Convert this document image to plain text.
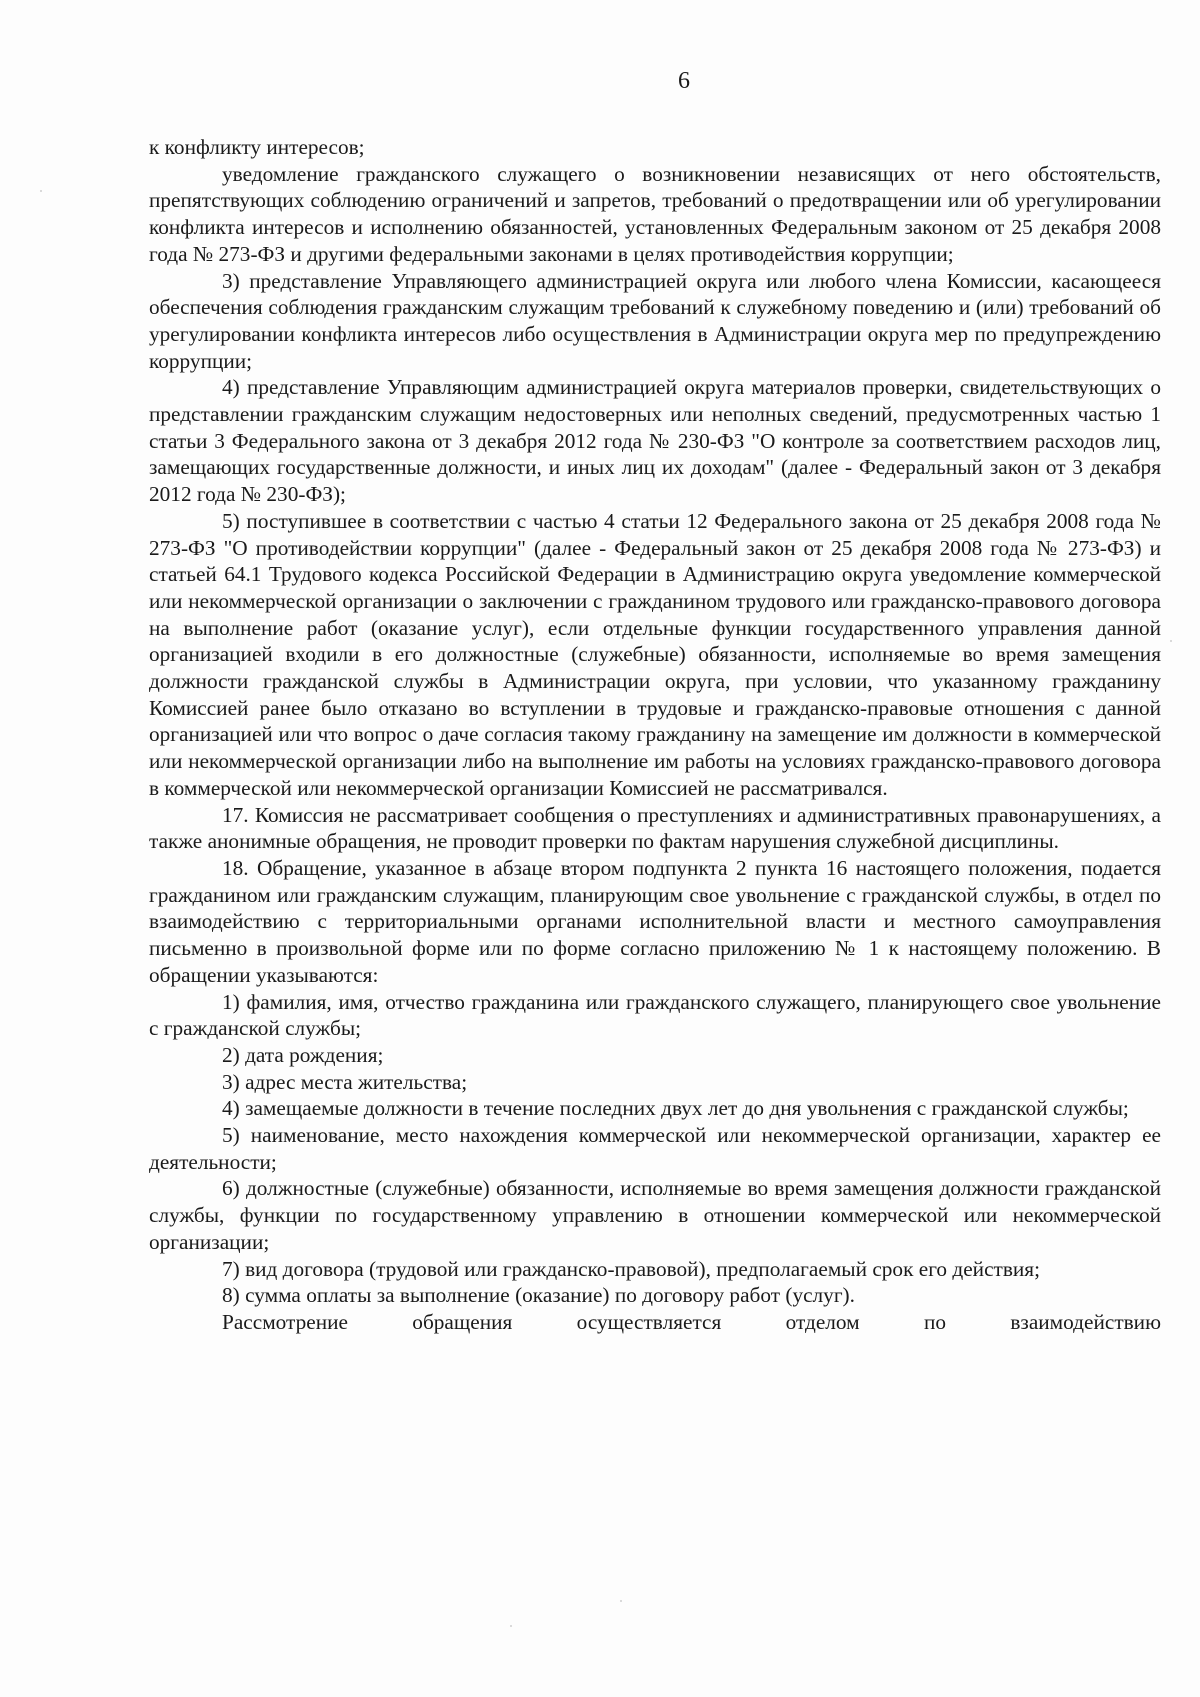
6

к конфликту интересов;

уведомление гражданского служащего о возникновении независящих от него обстоятельств, препятствующих соблюдению ограничений и запретов, требований о предотвращении или об урегулировании конфликта интересов и исполнению обязанностей, установленных Федеральным законом от 25 декабря 2008 года № 273-ФЗ и другими федеральными законами в целях противодействия коррупции;

3) представление Управляющего администрацией округа или любого члена Комиссии, касающееся обеспечения соблюдения гражданским служащим требований к служебному поведению и (или) требований об урегулировании конфликта интересов либо осуществления в Администрации округа мер по предупреждению коррупции;

4) представление Управляющим администрацией округа материалов проверки, свидетельствующих о представлении гражданским служащим недостоверных или неполных сведений, предусмотренных частью 1 статьи 3 Федерального закона от 3 декабря 2012 года № 230-ФЗ "О контроле за соответствием расходов лиц, замещающих государственные должности, и иных лиц их доходам" (далее - Федеральный закон от 3 декабря 2012 года № 230-ФЗ);

5) поступившее в соответствии с частью 4 статьи 12 Федерального закона от 25 декабря 2008 года № 273-ФЗ "О противодействии коррупции" (далее - Федеральный закон от 25 декабря 2008 года № 273-ФЗ) и статьей 64.1 Трудового кодекса Российской Федерации в Администрацию округа уведомление коммерческой или некоммерческой организации о заключении с гражданином трудового или гражданско-правового договора на выполнение работ (оказание услуг), если отдельные функции государственного управления данной организацией входили в его должностные (служебные) обязанности, исполняемые во время замещения должности гражданской службы в Администрации округа, при условии, что указанному гражданину Комиссией ранее было отказано во вступлении в трудовые и гражданско-правовые отношения с данной организацией или что вопрос о даче согласия такому гражданину на замещение им должности в коммерческой или некоммерческой организации либо на выполнение им работы на условиях гражданско-правового договора в коммерческой или некоммерческой организации Комиссией не рассматривался.

17. Комиссия не рассматривает сообщения о преступлениях и административных правонарушениях, а также анонимные обращения, не проводит проверки по фактам нарушения служебной дисциплины.

18. Обращение, указанное в абзаце втором подпункта 2 пункта 16 настоящего положения, подается гражданином или гражданским служащим, планирующим свое увольнение с гражданской службы, в отдел по взаимодействию с территориальными органами исполнительной власти и местного самоуправления письменно в произвольной форме или по форме согласно приложению № 1 к настоящему положению. В обращении указываются:

1) фамилия, имя, отчество гражданина или гражданского служащего, планирующего свое увольнение с гражданской службы;

2) дата рождения;

3) адрес места жительства;

4) замещаемые должности в течение последних двух лет до дня увольнения с гражданской службы;

5) наименование, место нахождения коммерческой или некоммерческой организации, характер ее деятельности;

6) должностные (служебные) обязанности, исполняемые во время замещения должности гражданской службы, функции по государственному управлению в отношении коммерческой или некоммерческой организации;

7) вид договора (трудовой или гражданско-правовой), предполагаемый срок его действия;

8) сумма оплаты за выполнение (оказание) по договору работ (услуг).

Рассмотрение обращения осуществляется отделом по взаимодействию
